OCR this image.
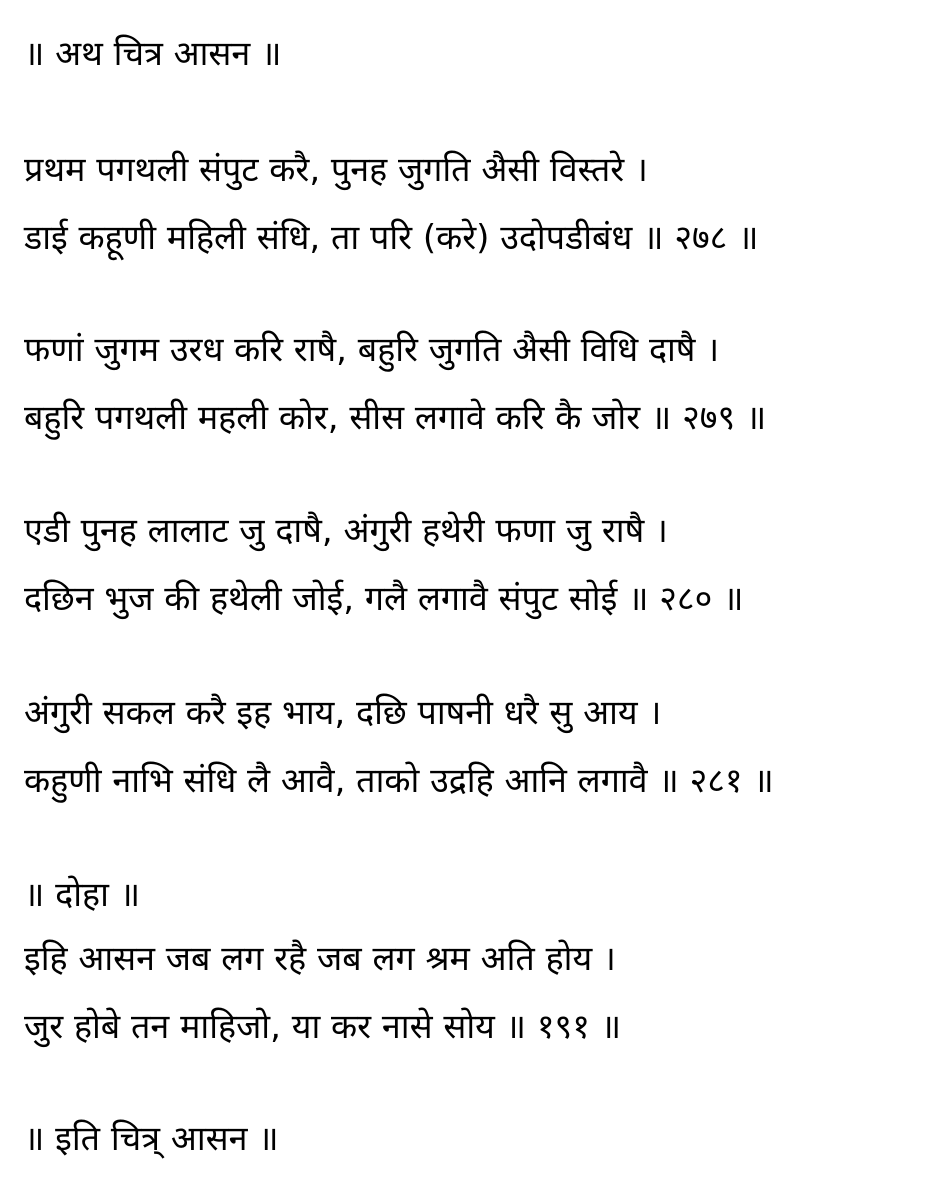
॥ अथ चित्र आसन ॥
प्रथम पगथली संपुट करै, पुनह जुगति अैसी विस्तरे ।
डाई कहूणी महिली संधि, ता परि (करे) उदोपडीबंध ॥ २७८ ॥
फणां जुगम उरध करि राषै, बहुरि जुगति अैसी विधि दाषै ।
बहुरि पगथली महली कोर, सीस लगावे करि कै जोर ॥ २७९ ॥
एडी पुनह लालाट जु दाषै, अंगुरी हथेरी फणा जु राषै ।
दछिन भुज की हथेली जोई, गलै लगावै संपुट सोई ॥ २८० ॥
अंगुरी सकल करै इह भाय, दछि पाषनी धरै सु आय ।
कहुणी नाभि संधि लै आवै, ताको उद्रहि आनि लगावै ॥ २८१ ॥
॥ दोहा ॥
इहि आसन जब लग रहै जब लग श्रम अति होय ।
जुर होबे तन माहिजो, या कर नासे सोय ॥ १९१ ॥
॥ इति चित्र् आसन ॥
